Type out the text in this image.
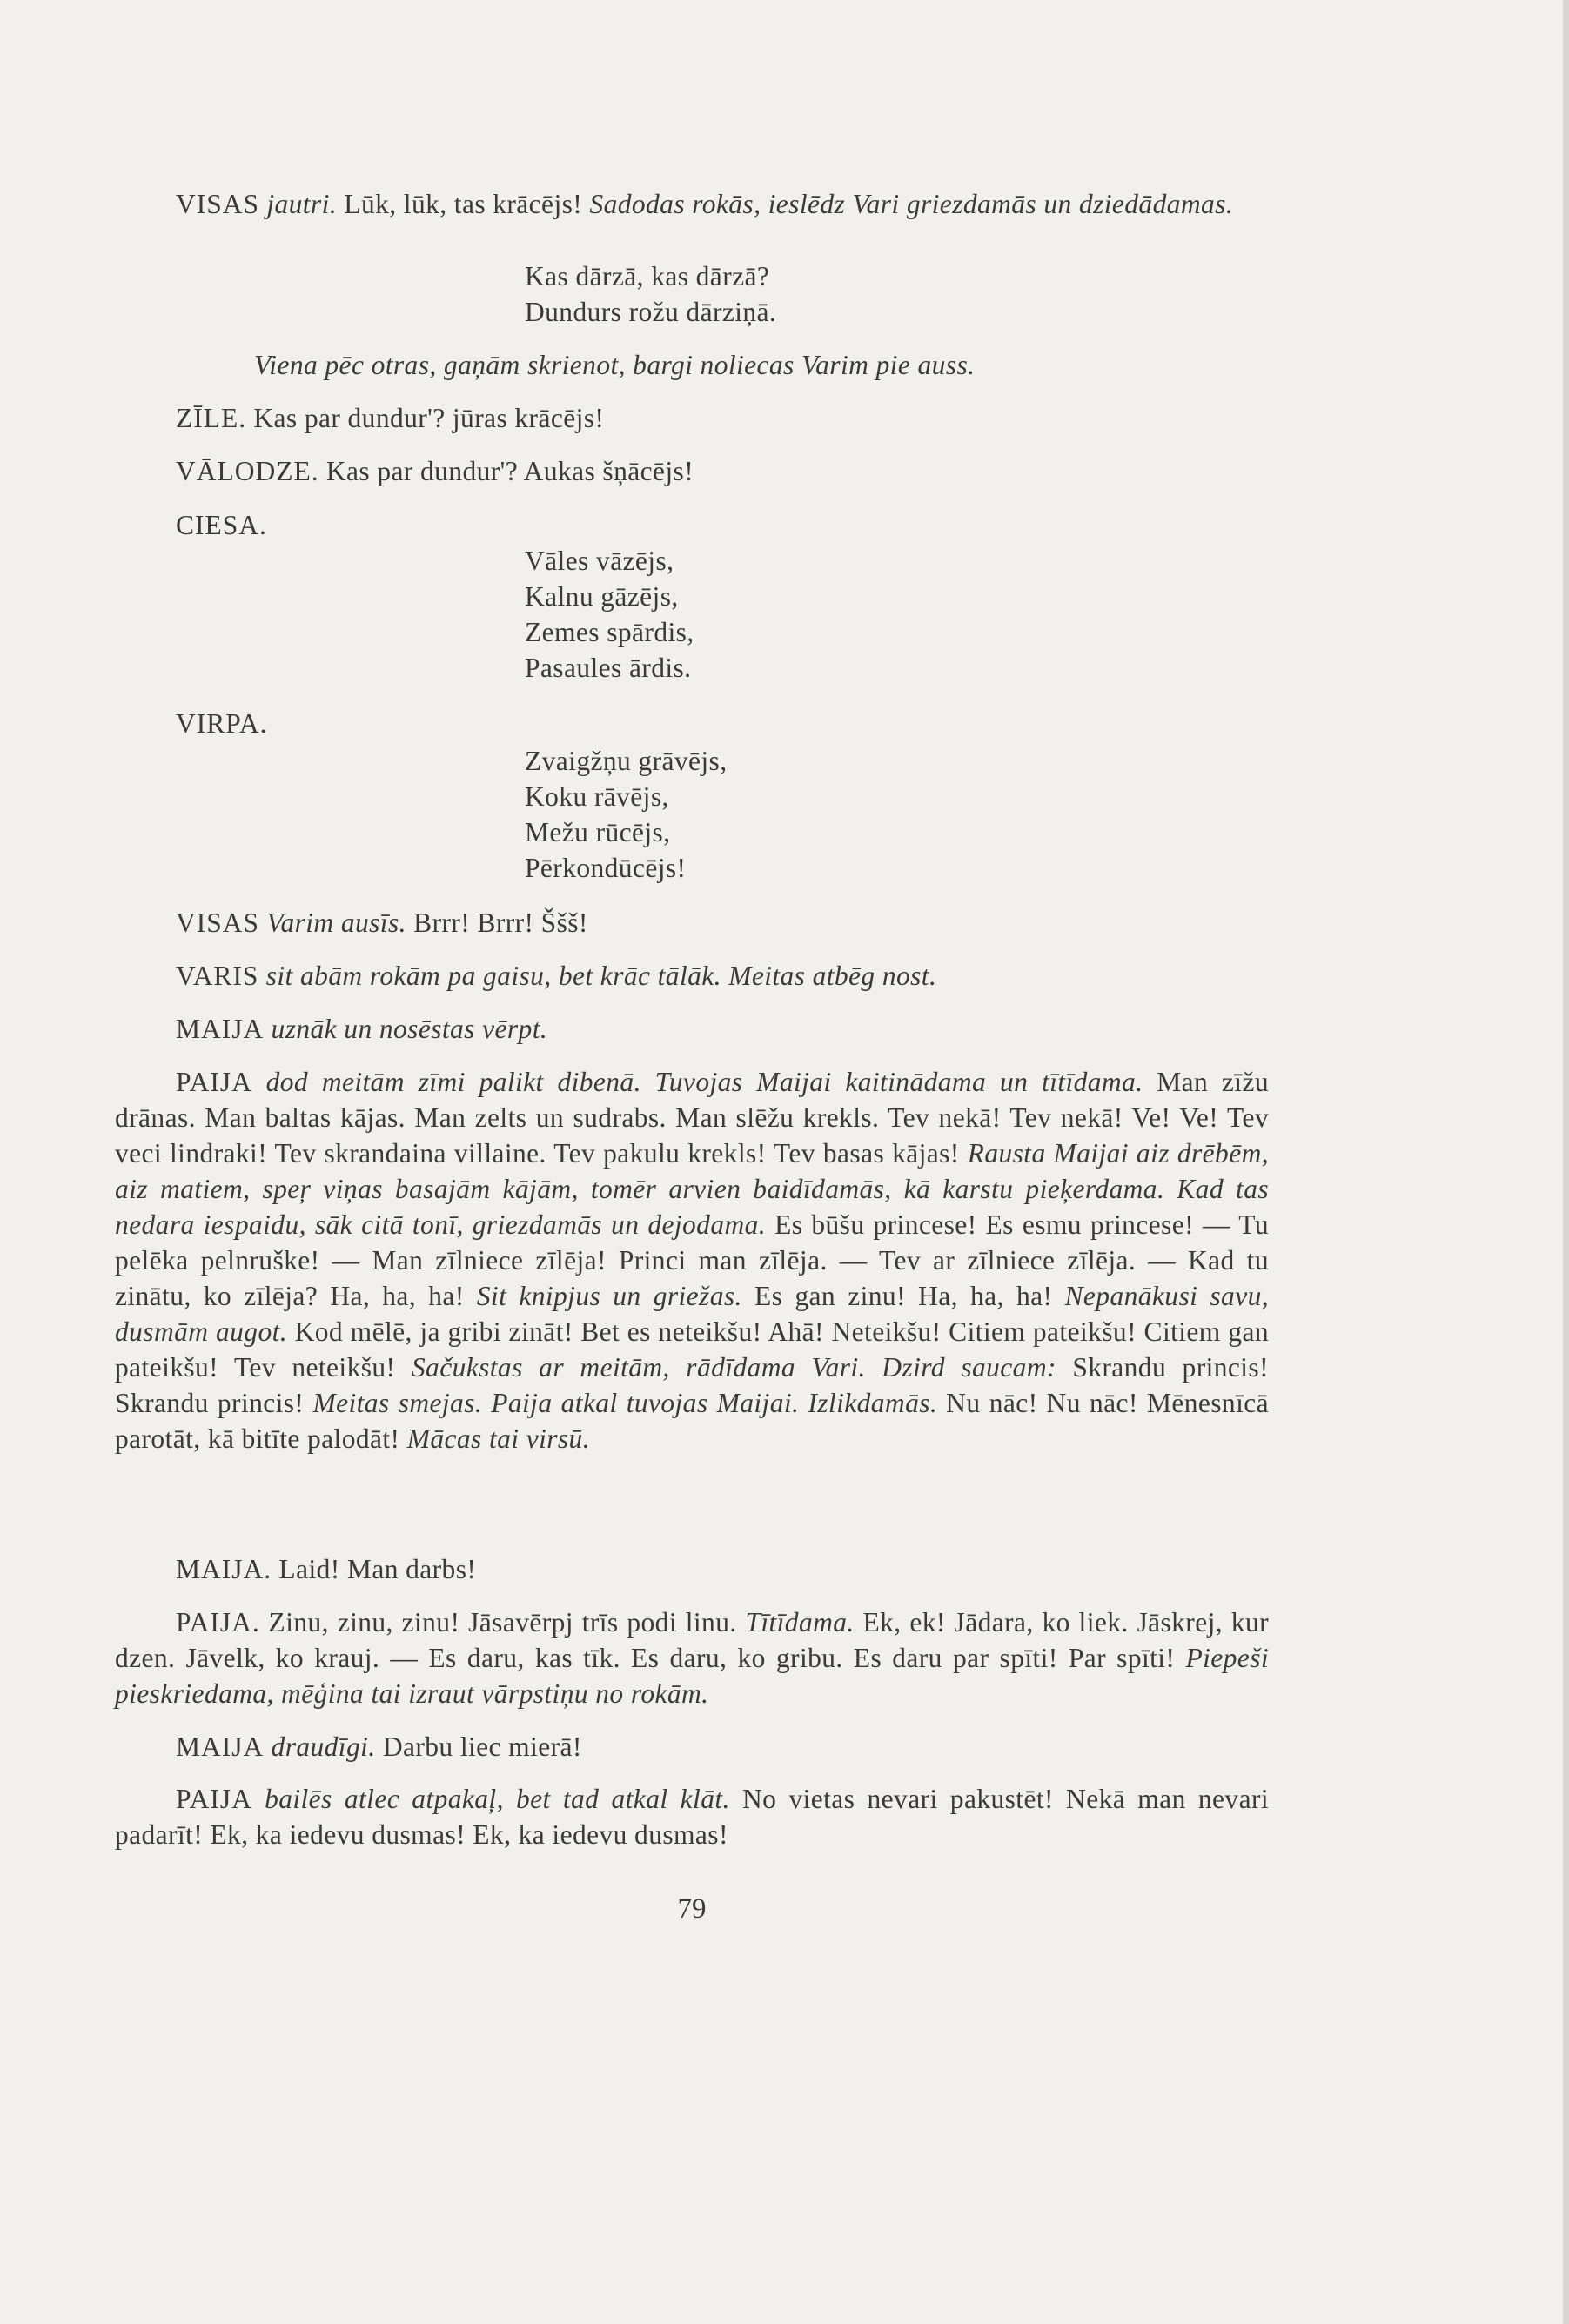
VISAS jautri. Lūk, lūk, tas krācējs! Sadodas rokās, ieslēdz Vari griezdamās un dziedādamas.
Kas dārzā, kas dārzā?
Dundurs rožu dārziņā.
Viena pēc otras, gaņām skrienot, bargi noliecas Varim pie auss.
ZĪLE. Kas par dundur'? jūras krācējs!
VĀLODZE. Kas par dundur'? Aukas šņācējs!
CIESA.
Vāles vāzējs,
Kalnu gāzējs,
Zemes spārdis,
Pasaules ārdis.
VIRPA.
Zvaigžņu grāvējs,
Koku rāvējs,
Mežu rūcējs,
Pērkondūcējs!
VISAS Varim ausīs. Brrr! Brrr! Ššš!
VARIS sit abām rokām pa gaisu, bet krāc tālāk. Meitas atbēg nost.
MAIJA uznāk un nosēstas vērpt.
PAIJA dod meitām zīmi palikt dibenā. Tuvojas Maijai kaitinādama un tītīdama. Man zīžu drānas. Man baltas kājas. Man zelts un sudrabs. Man slēžu krekls. Tev nekā! Tev nekā! Ve! Ve! Tev veci lindraki! Tev skrandaina villaine. Tev pakulu krekls! Tev basas kājas! Rausta Maijai aiz drēbēm, aiz matiem, speŗ viņas basajām kājām, tomēr arvien baidīdamās, kā karstu pieķerdama. Kad tas nedara iespaidu, sāk citā tonī, griezdamās un dejodama. Es būšu princese! Es esmu princese! — Tu pelēka pelnruške! — Man zīlniece zīlēja! Princi man zīlēja. — Tev ar zīlniece zīlēja. — Kad tu zinātu, ko zīlēja? Ha, ha, ha! Sit knipjus un griežas. Es gan zinu! Ha, ha, ha! Nepanākusi savu, dusmām augot. Kod mēlē, ja gribi zināt! Bet es neteikšu! Ahā! Neteikšu! Citiem pateikšu! Citiem gan pateikšu! Tev neteikšu! Sačukstas ar meitām, rādīdama Vari. Dzird saucam: Skrandu princis! Skrandu princis! Meitas smejas. Paija atkal tuvojas Maijai. Izlikdamās. Nu nāc! Nu nāc! Mēnesnīcā parotāt, kā bitīte palodāt! Mācas tai virsū.
MAIJA. Laid! Man darbs!
PAIJA. Zinu, zinu, zinu! Jāsavērpj trīs podi linu. Tītīdama. Ek, ek! Jādara, ko liek. Jāskrej, kur dzen. Jāvelk, ko krauj. — Es daru, kas tīk. Es daru, ko gribu. Es daru par spīti! Par spīti! Piepeši pieskriedama, mēģina tai izraut vārpstiņu no rokām.
MAIJA draudīgi. Darbu liec mierā!
PAIJA bailēs atlec atpakaļ, bet tad atkal klāt. No vietas nevari pakustēt! Nekā man nevari padarīt! Ek, ka iedevu dusmas! Ek, ka iedevu dusmas!
79
